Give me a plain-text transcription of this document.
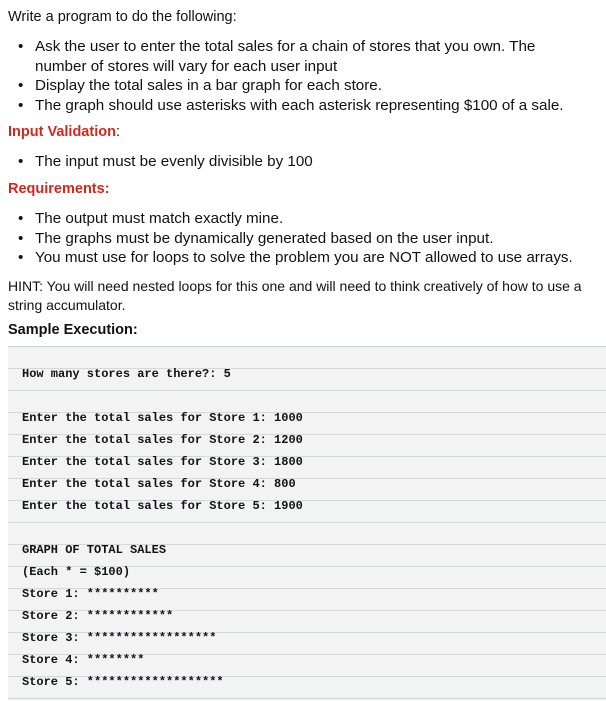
Write a program to do the following:
• Ask the user to enter the total sales for a chain of stores that you own. The number of stores will vary for each user input
• Display the total sales in a bar graph for each store.
• The graph should use asterisks with each asterisk representing $100 of a sale.
Input Validation:
• The input must be evenly divisible by 100
Requirements:
• The output must match exactly mine.
• The graphs must be dynamically generated based on the user input.
• You must use for loops to solve the problem you are NOT allowed to use arrays.
HINT: You will need nested loops for this one and will need to think creatively of how to use a string accumulator.
Sample Execution:
How many stores are there?: 5
Enter the total sales for Store 1: 1000
Enter the total sales for Store 2: 1200
Enter the total sales for Store 3: 1800
Enter the total sales for Store 4: 800
Enter the total sales for Store 5: 1900
GRAPH OF TOTAL SALES
(Each * = $100)
Store 1: **********
Store 2: ************
Store 3: ******************
Store 4: ********
Store 5: *******************
